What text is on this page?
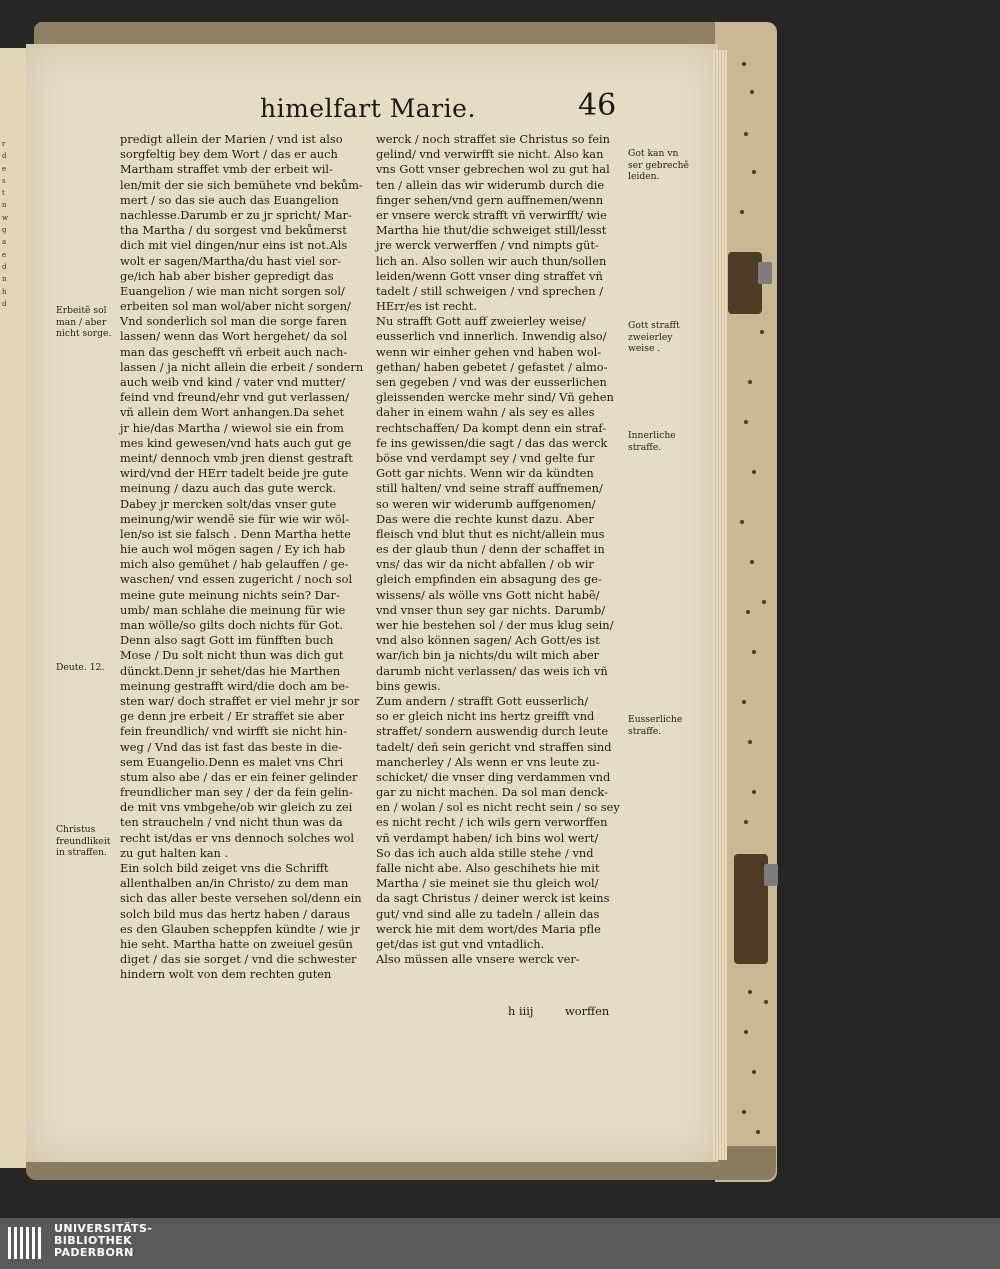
r
d
e
s
t
n
w
g
a
e
d
n
h
d
himelfart Marie.	46
predigt allein der Marien / vnd ist also
sorgfeltig bey dem Wort / das er auch
Martham straffet vmb der erbeit wil-
len/mit der sie sich bemühete vnd bekům-
mert / so das sie auch das Euangelion
nachlesse.Darumb er zu jr spricht/ Mar-
tha Martha / du sorgest vnd bekůmerst
dich mit viel dingen/nur eins ist not.Als
wolt er sagen/Martha/du hast viel sor-
ge/ich hab aber bisher gepredigt das
Euangelion / wie man nicht sorgen sol/
erbeiten sol man wol/aber nicht sorgen/
Vnd sonderlich sol man die sorge faren
lassen/ wenn das Wort hergehet/ da sol
man das geschefft vñ erbeit auch nach-
lassen / ja nicht allein die erbeit / sondern
auch weib vnd kind / vater vnd mutter/
feind vnd freund/ehr vnd gut verlassen/
vñ allein dem Wort anhangen.Da sehet
jr hie/das Martha / wiewol sie ein from
mes kind gewesen/vnd hats auch gut ge
meint/ dennoch vmb jren dienst gestraft
wird/vnd der HErr tadelt beide jre gute
meinung / dazu auch das gute werck.
Dabey jr mercken solt/das vnser gute
meinung/wir wendẽ sie für wie wir wöl-
len/so ist sie falsch . Denn Martha hette
hie auch wol mögen sagen / Ey ich hab
mich also gemühet / hab gelauffen / ge-
waschen/ vnd essen zugericht / noch sol
meine gute meinung nichts sein? Dar-
umb/ man schlahe die meinung für wie
man wölle/so gilts doch nichts für Got.
Denn also sagt Gott im fünfften buch
Mose / Du solt nicht thun was dich gut
dünckt.Denn jr sehet/das hie Marthen
meinung gestrafft wird/die doch am be-
sten war/ doch straffet er viel mehr jr sor
ge denn jre erbeit / Er straffet sie aber
fein freundlich/ vnd wirfft sie nicht hin-
weg / Vnd das ist fast das beste in die-
sem Euangelio.Denn es malet vns Chri
stum also abe / das er ein feiner gelinder
freundlicher man sey / der da fein gelin-
de mit vns vmbgehe/ob wir gleich zu zei
ten straucheln / vnd nicht thun was da
recht ist/das er vns dennoch solches wol
zu gut halten kan .
Ein solch bild zeiget vns die Schrifft
allenthalben an/in Christo/ zu dem man
sich das aller beste versehen sol/denn ein
solch bild mus das hertz haben / daraus
es den Glauben scheppfen kündte / wie jr
hie seht. Martha hatte on zweiuel gesün
diget / das sie sorget / vnd die schwester
hindern wolt von dem rechten guten
werck / noch straffet sie Christus so fein
gelind/ vnd verwirfft sie nicht. Also kan
vns Gott vnser gebrechen wol zu gut hal
ten / allein das wir widerumb durch die
finger sehen/vnd gern auffnemen/wenn
er vnsere werck strafft vñ verwirfft/ wie
Martha hie thut/die schweiget still/lesst
jre werck verwerffen / vnd nimpts güt-
lich an. Also sollen wir auch thun/sollen
leiden/wenn Gott vnser ding straffet vñ
tadelt / still schweigen / vnd sprechen /
HErr/es ist recht.
Nu strafft Gott auff zweierley weise/
eusserlich vnd innerlich. Inwendig also/
wenn wir einher gehen vnd haben wol-
gethan/ haben gebetet / gefastet / almo-
sen gegeben / vnd was der eusserlichen
gleissenden wercke mehr sind/ Vñ gehen
daher in einem wahn / als sey es alles
rechtschaffen/ Da kompt denn ein straf-
fe ins gewissen/die sagt / das das werck
böse vnd verdampt sey / vnd gelte fur
Gott gar nichts. Wenn wir da kündten
still halten/ vnd seine straff auffnemen/
so weren wir widerumb auffgenomen/
Das were die rechte kunst dazu. Aber
fleisch vnd blut thut es nicht/allein mus
es der glaub thun / denn der schaffet in
vns/ das wir da nicht abfallen / ob wir
gleich empfinden ein absagung des ge-
wissens/ als wölle vns Gott nicht habẽ/
vnd vnser thun sey gar nichts. Darumb/
wer hie bestehen sol / der mus klug sein/
vnd also können sagen/ Ach Gott/es ist
war/ich bin ja nichts/du wilt mich aber
darumb nicht verlassen/ das weis ich vñ
bins gewis.
Zum andern / strafft Gott eusserlich/
so er gleich nicht ins hertz greifft vnd
straffet/ sondern auswendig durch leute
tadelt/ deñ sein gericht vnd straffen sind
mancherley / Als wenn er vns leute zu-
schicket/ die vnser ding verdammen vnd
gar zu nicht machen. Da sol man denck-
en / wolan / sol es nicht recht sein / so sey
es nicht recht / ich wils gern verworffen
vñ verdampt haben/ ich bins wol wert/
So das ich auch alda stille stehe / vnd
falle nicht abe. Also geschihets hie mit
Martha / sie meinet sie thu gleich wol/
da sagt Christus / deiner werck ist keins
gut/ vnd sind alle zu tadeln / allein das
werck hie mit dem wort/des Maria pfle
get/das ist gut vnd vntadlich.
Also müssen alle vnsere werck ver-
Erbeitẽ sol
man / aber
nicht sorge.
Deute. 12.
Christus
freundlikeit
in straffen.
Got kan vn
ser gebrechẽ
leiden.
Gott strafft
zweierley
weise .
Innerliche
straffe.
Eusserliche
straffe.
h iiij	worffen
UNIVERSITÄTS-
BIBLIOTHEK
PADERBORN
